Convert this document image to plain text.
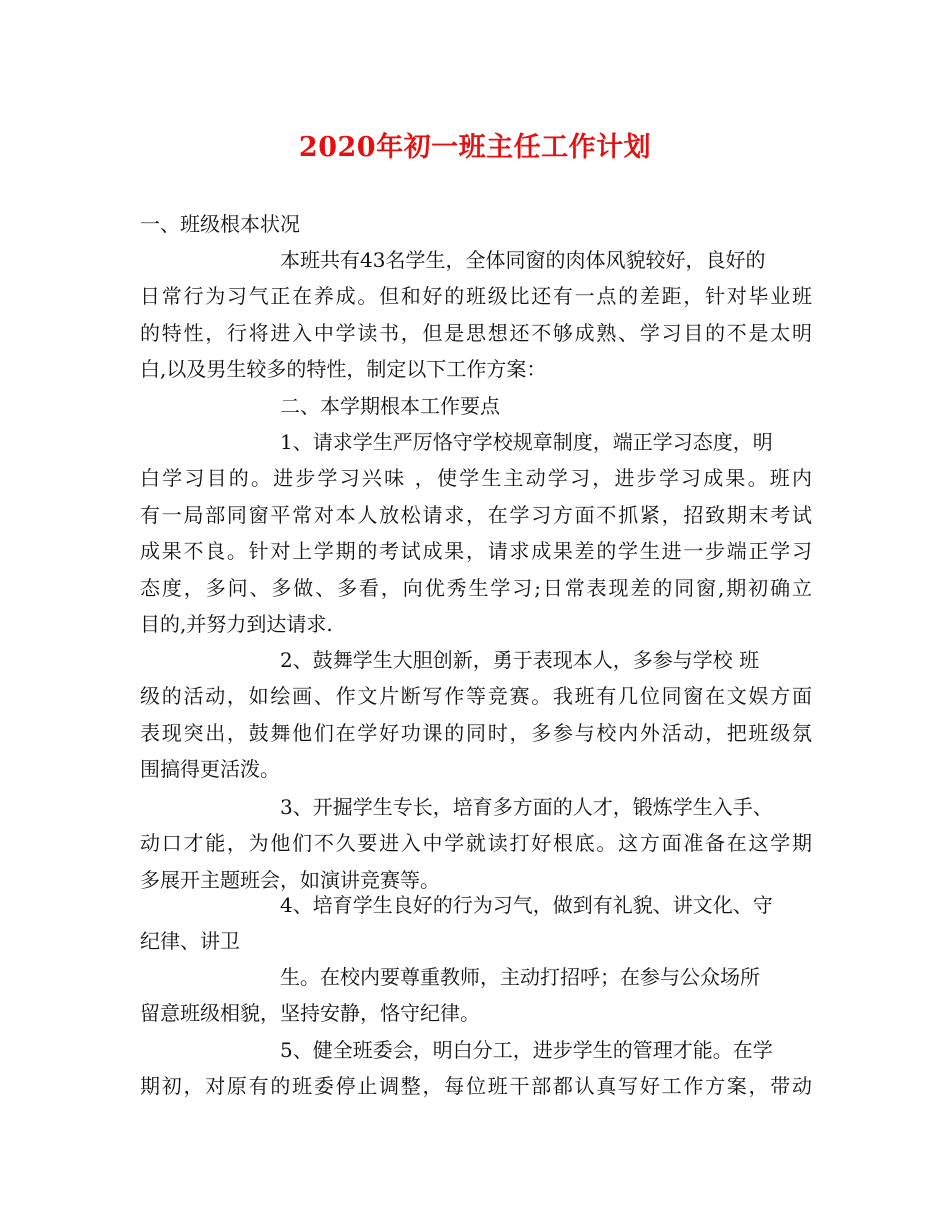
2020年初一班主任工作计划
一、班级根本状况
本班共有43名学生，全体同窗的肉体风貌较好，良好的
日常行为习气正在养成。但和好的班级比还有一点的差距，针对毕业班
的特性，行将进入中学读书，但是思想还不够成熟、学习目的不是太明
白,以及男生较多的特性，制定以下工作方案：
二、本学期根本工作要点
1、请求学生严厉恪守学校规章制度，端正学习态度，明
白学习目的。进步学习兴味 ，使学生主动学习，进步学习成果。班内
有一局部同窗平常对本人放松请求，在学习方面不抓紧，招致期末考试
成果不良。针对上学期的考试成果，请求成果差的学生进一步端正学习
态度，多问、多做、多看，向优秀生学习;日常表现差的同窗,期初确立
目的,并努力到达请求.
2、鼓舞学生大胆创新，勇于表现本人，多参与学校 班
级的活动，如绘画、作文片断写作等竞赛。我班有几位同窗在文娱方面
表现突出，鼓舞他们在学好功课的同时，多参与校内外活动，把班级氛
围搞得更活泼。
3、开掘学生专长，培育多方面的人才，锻炼学生入手、
动口才能，为他们不久要进入中学就读打好根底。这方面准备在这学期
多展开主题班会，如演讲竞赛等。
4、培育学生良好的行为习气，做到有礼貌、讲文化、守
纪律、讲卫
生。在校内要尊重教师，主动打招呼；在参与公众场所
留意班级相貌，坚持安静，恪守纪律。
5、健全班委会，明白分工，进步学生的管理才能。在学
期初，对原有的班委停止调整，每位班干部都认真写好工作方案，带动
